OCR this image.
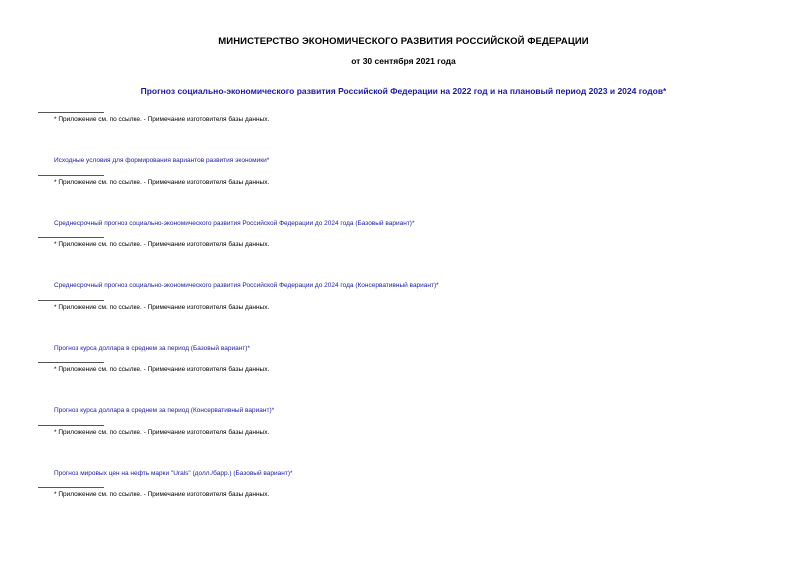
МИНИСТЕРСТВО ЭКОНОМИЧЕСКОГО РАЗВИТИЯ РОССИЙСКОЙ ФЕДЕРАЦИИ
от 30 сентября 2021 года
Прогноз социально-экономического развития Российской Федерации на 2022 год и на плановый период 2023 и 2024 годов*
* Приложение см. по ссылке. - Примечание изготовителя базы данных.
Исходные условия для формирования вариантов развития экономики*
* Приложение см. по ссылке. - Примечание изготовителя базы данных.
Среднесрочный прогноз социально-экономического развития Российской Федерации до 2024 года (Базовый вариант)*
* Приложение см. по ссылке. - Примечание изготовителя базы данных.
Среднесрочный прогноз социально-экономического развития Российской Федерации до 2024 года (Консервативный вариант)*
* Приложение см. по ссылке. - Примечание изготовителя базы данных.
Прогноз курса доллара в среднем за период (Базовый вариант)*
* Приложение см. по ссылке. - Примечание изготовителя базы данных.
Прогноз курса доллара в среднем за период (Консервативный вариант)*
* Приложение см. по ссылке. - Примечание изготовителя базы данных.
Прогноз мировых цен на нефть марки "Urals" (долл./барр.) (Базовый вариант)*
* Приложение см. по ссылке. - Примечание изготовителя базы данных.
